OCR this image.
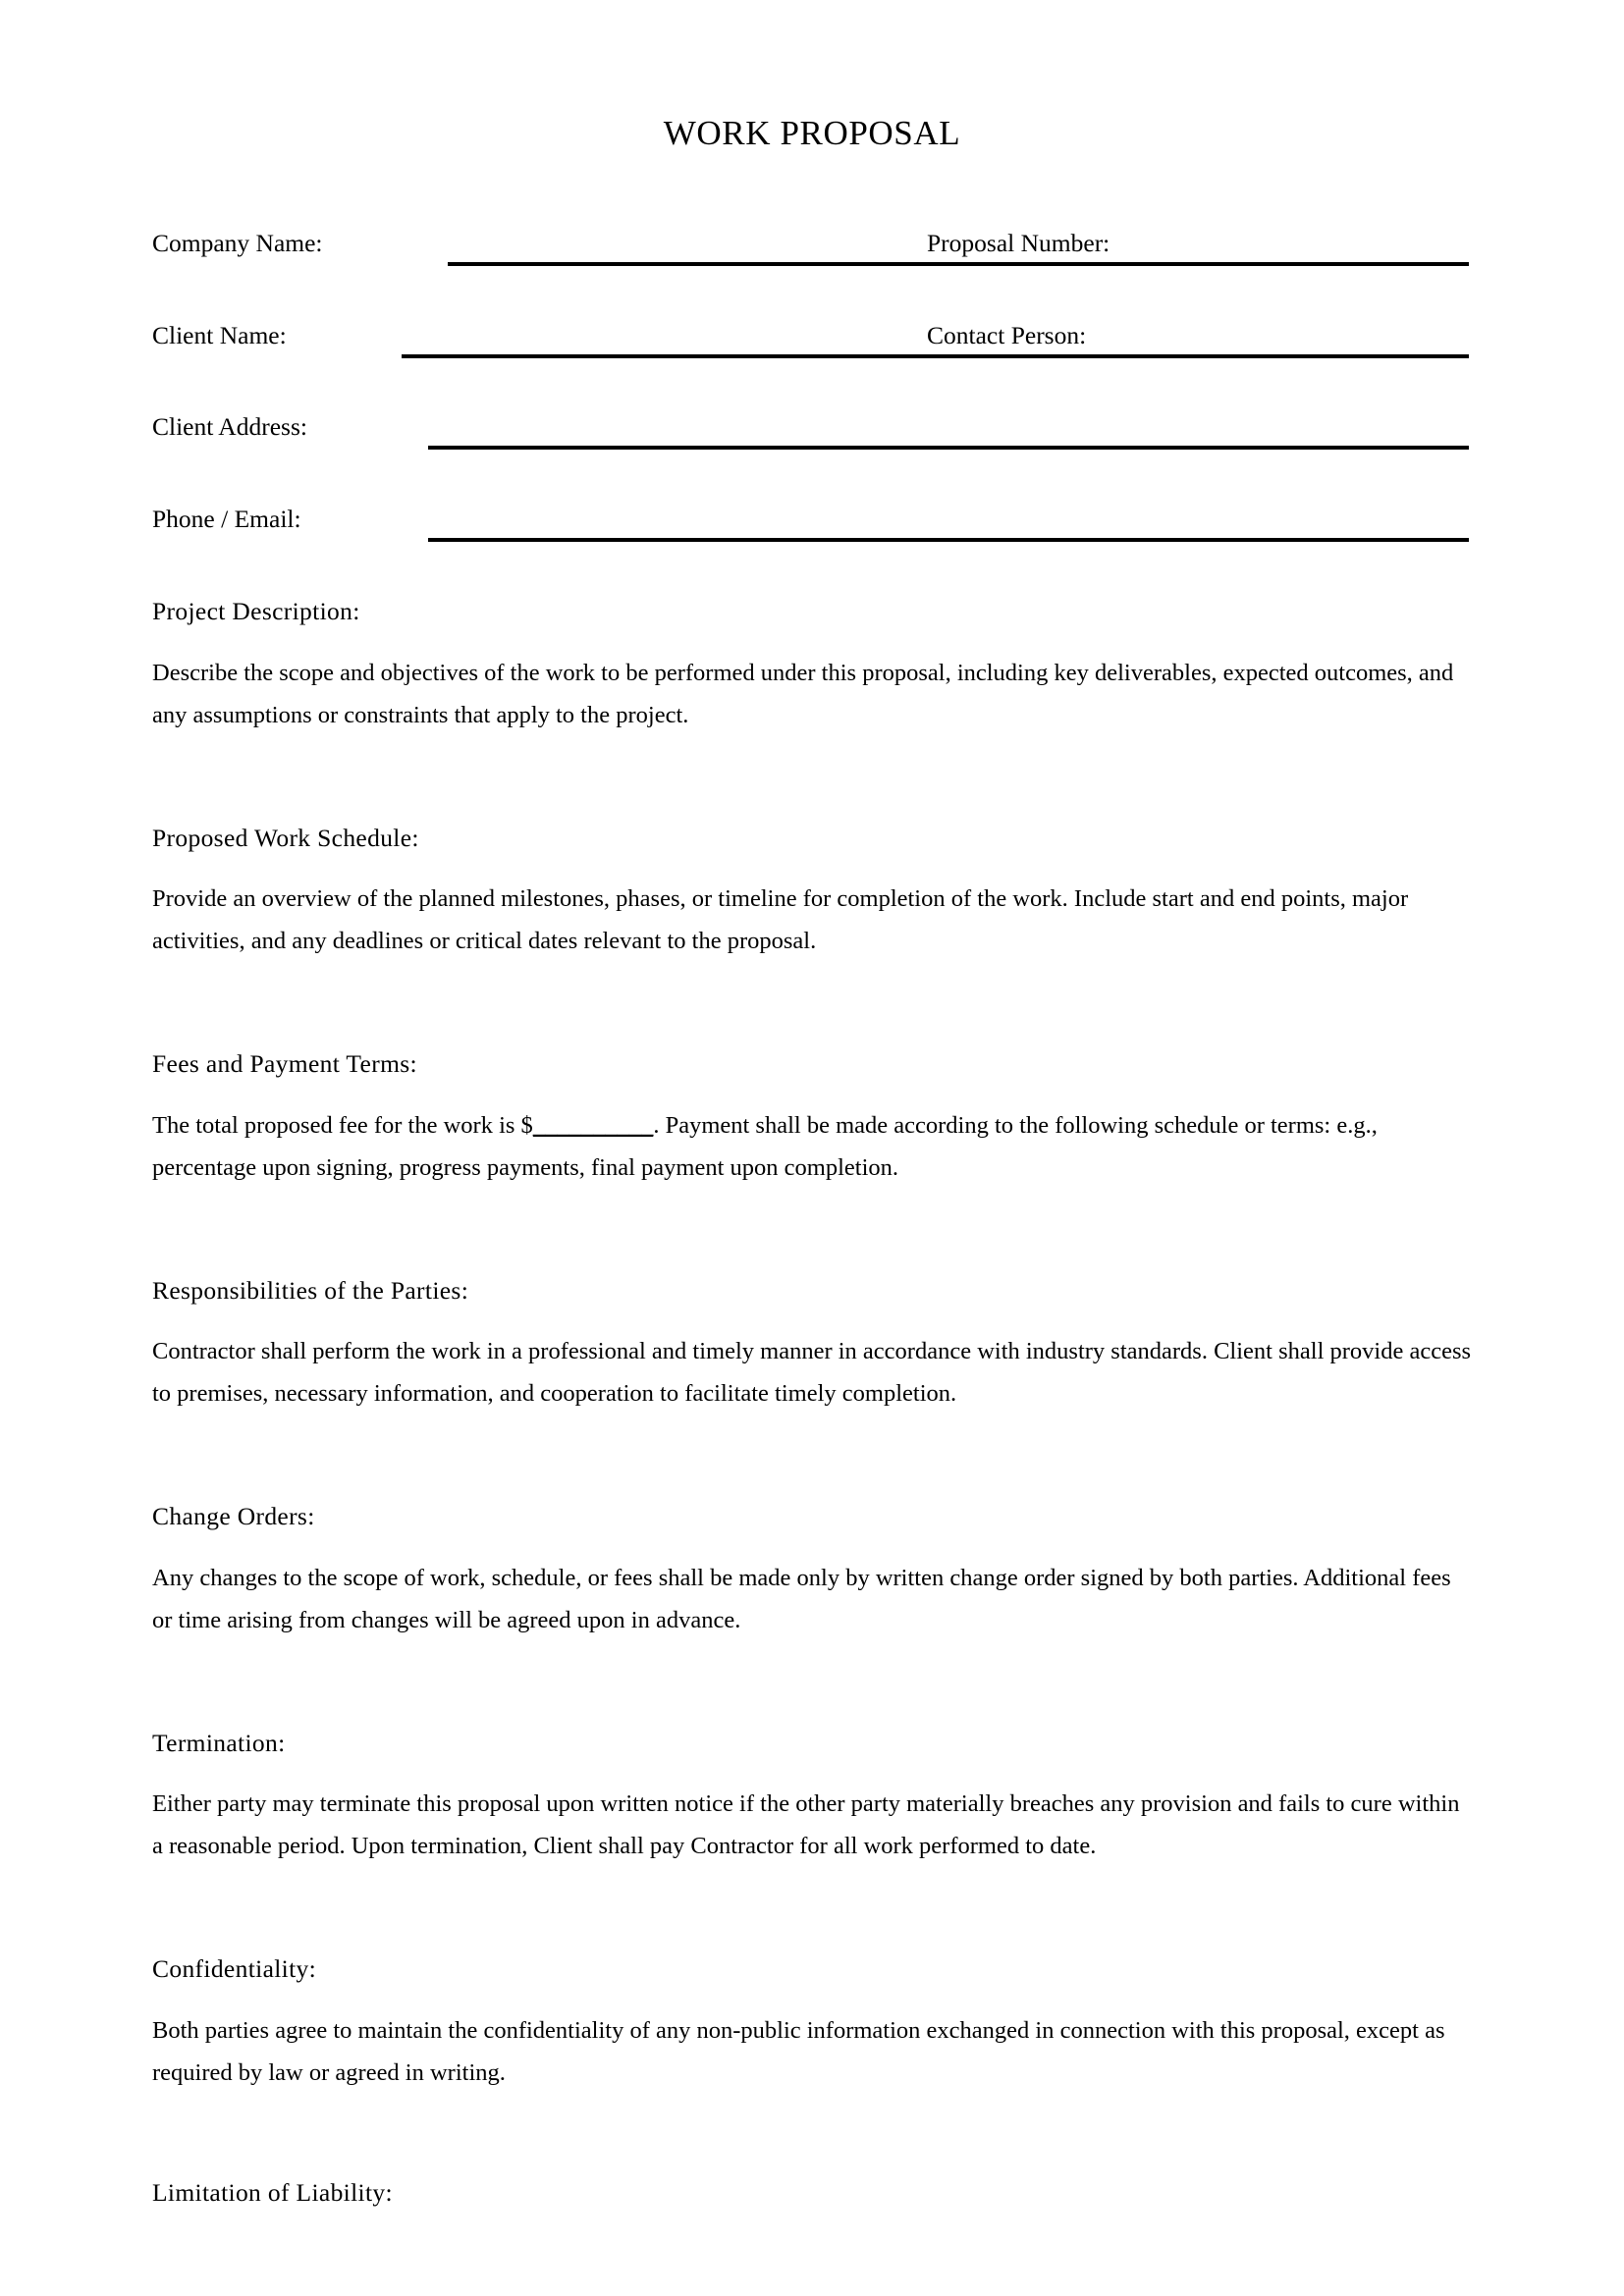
WORK PROPOSAL
Company Name:	Proposal Number:
Client Name:	Contact Person:
Client Address:
Phone / Email:
Project Description:

Describe the scope and objectives of the work to be performed under this proposal, including key deliverables, expected outcomes, and any assumptions or constraints that apply to the project.

Proposed Work Schedule:

Provide an overview of the planned milestones, phases, or timeline for completion of the work. Include start and end points, major activities, and any deadlines or critical dates relevant to the proposal.

Fees and Payment Terms:

The total proposed fee for the work is $__________. Payment shall be made according to the following schedule or terms: e.g., percentage upon signing, progress payments, final payment upon completion.

Responsibilities of the Parties:

Contractor shall perform the work in a professional and timely manner in accordance with industry standards. Client shall provide access to premises, necessary information, and cooperation to facilitate timely completion.

Change Orders:

Any changes to the scope of work, schedule, or fees shall be made only by written change order signed by both parties. Additional fees or time arising from changes will be agreed upon in advance.

Termination:

Either party may terminate this proposal upon written notice if the other party materially breaches any provision and fails to cure within a reasonable period. Upon termination, Client shall pay Contractor for all work performed to date.

Confidentiality:

Both parties agree to maintain the confidentiality of any non-public information exchanged in connection with this proposal, except as required by law or agreed in writing.

Limitation of Liability:
